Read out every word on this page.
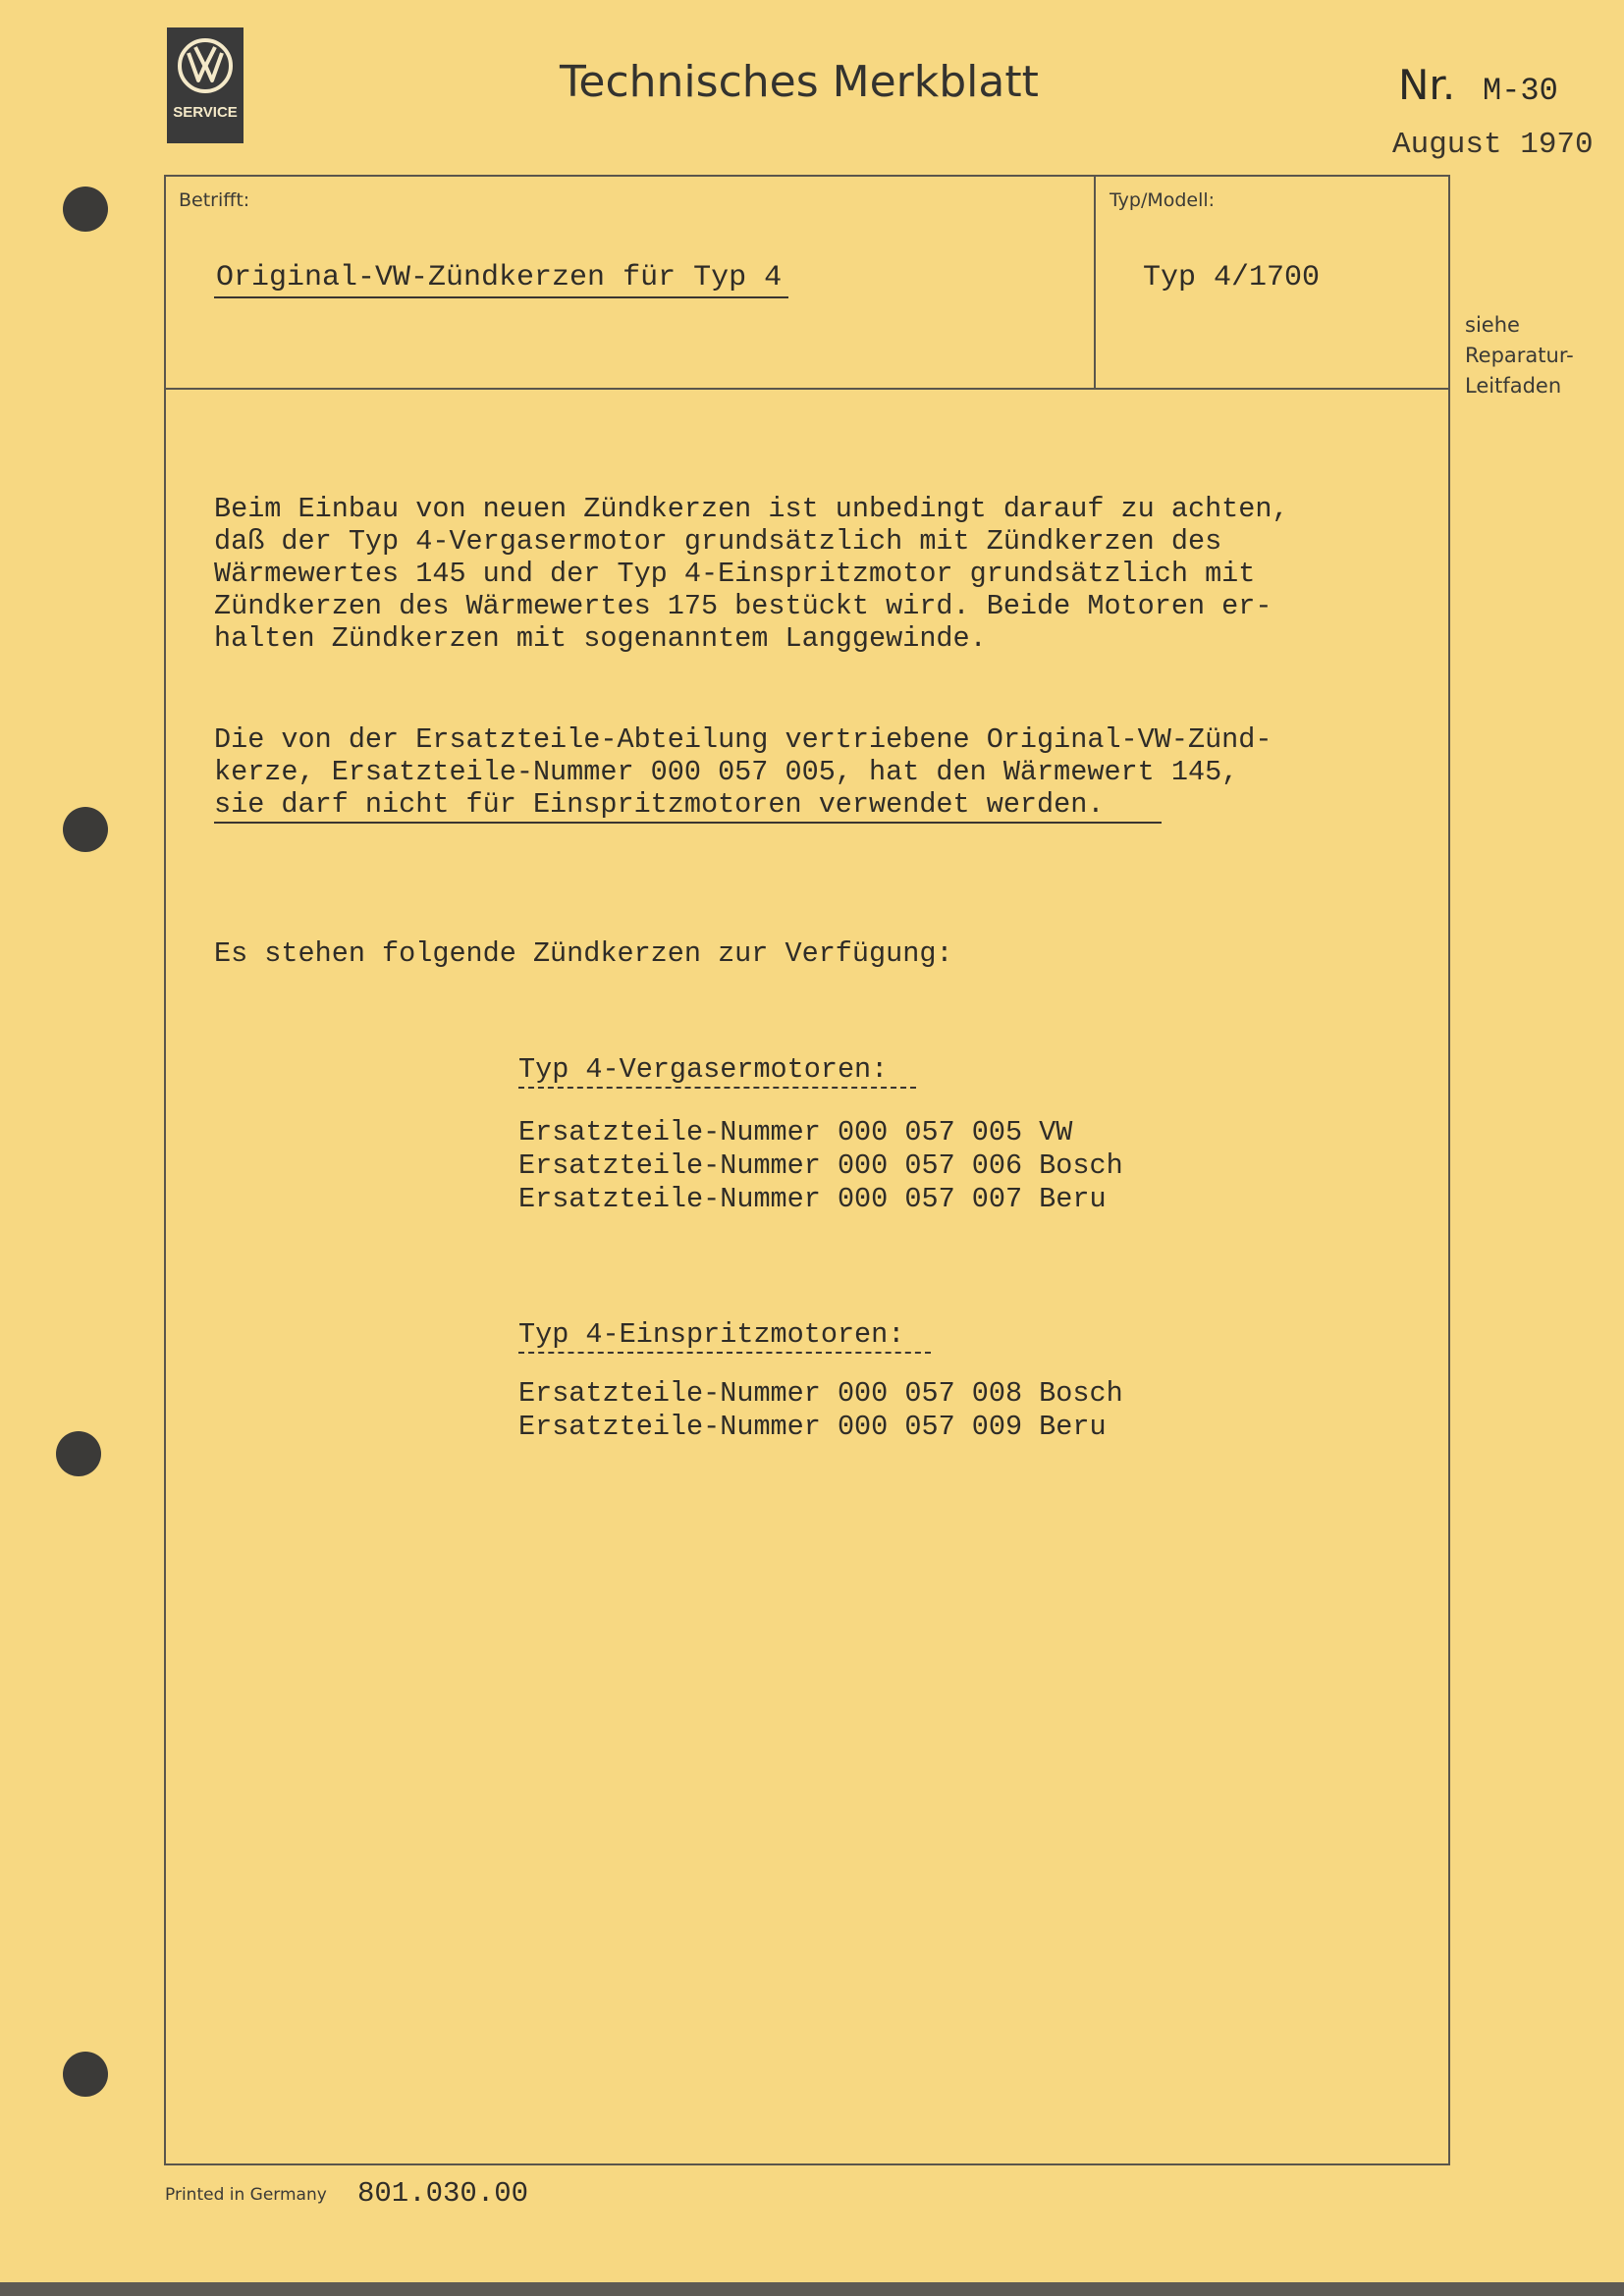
SERVICE
Technisches Merkblatt	Nr. M-30
August 1970
Betrifft:	Typ/Modell:
Original-VW-Zündkerzen für Typ 4	Typ 4/1700
siehe
Reparatur-
Leitfaden
Beim Einbau von neuen Zündkerzen ist unbedingt darauf zu achten,
daß der Typ 4-Vergasermotor grundsätzlich mit Zündkerzen des
Wärmewertes 145 und der Typ 4-Einspritzmotor grundsätzlich mit
Zündkerzen des Wärmewertes 175 bestückt wird. Beide Motoren er-
halten Zündkerzen mit sogenanntem Langgewinde.
Die von der Ersatzteile-Abteilung vertriebene Original-VW-Zünd-
kerze, Ersatzteile-Nummer 000 057 005, hat den Wärmewert 145,
sie darf nicht für Einspritzmotoren verwendet werden.
Es stehen folgende Zündkerzen zur Verfügung:
Typ 4-Vergasermotoren:
Ersatzteile-Nummer 000 057 005 VW
Ersatzteile-Nummer 000 057 006 Bosch
Ersatzteile-Nummer 000 057 007 Beru
Typ 4-Einspritzmotoren:
Ersatzteile-Nummer 000 057 008 Bosch
Ersatzteile-Nummer 000 057 009 Beru
Printed in Germany 801.030.00
